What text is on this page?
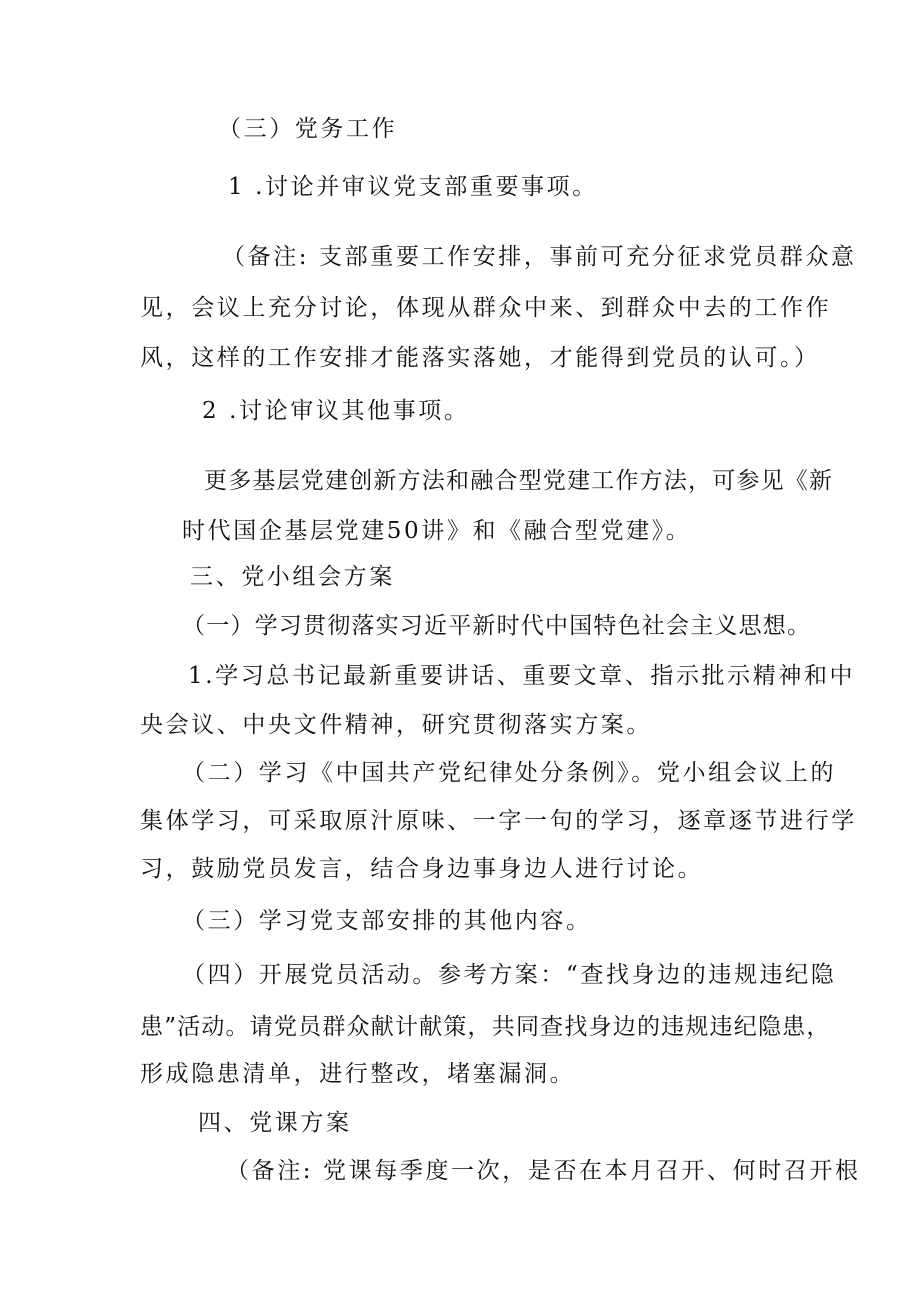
（三）党务工作
1 .讨论并审议党支部重要事项。
（备注: 支部重要工作安排，事前可充分征求党员群众意
见，会议上充分讨论，体现从群众中来、到群众中去的工作作
风，这样的工作安排才能落实落她，才能得到党员的认可。）
2 .讨论审议其他事项。
更多基层党建创新方法和融合型党建工作方法，可参见《新
时代国企基层党建50讲》和《融合型党建》。
三、党小组会方案
（一）学习贯彻落实习近平新时代中国特色社会主义思想。
1.学习总书记最新重要讲话、重要文章、指示批示精神和中
央会议、中央文件精神，研究贯彻落实方案。
（二）学习《中国共产党纪律处分条例》。党小组会议上的
集体学习，可采取原汁原味、一字一句的学习，逐章逐节进行学
习，鼓励党员发言，结合身边事身边人进行讨论。
（三）学习党支部安排的其他内容。
（四）开展党员活动。参考方案：“查找身边的违规违纪隐
患”活动。请党员群众献计献策，共同查找身边的违规违纪隐患，
形成隐患清单，进行整改，堵塞漏洞。
四、党课方案
（备注: 党课每季度一次，是否在本月召开、何时召开根
